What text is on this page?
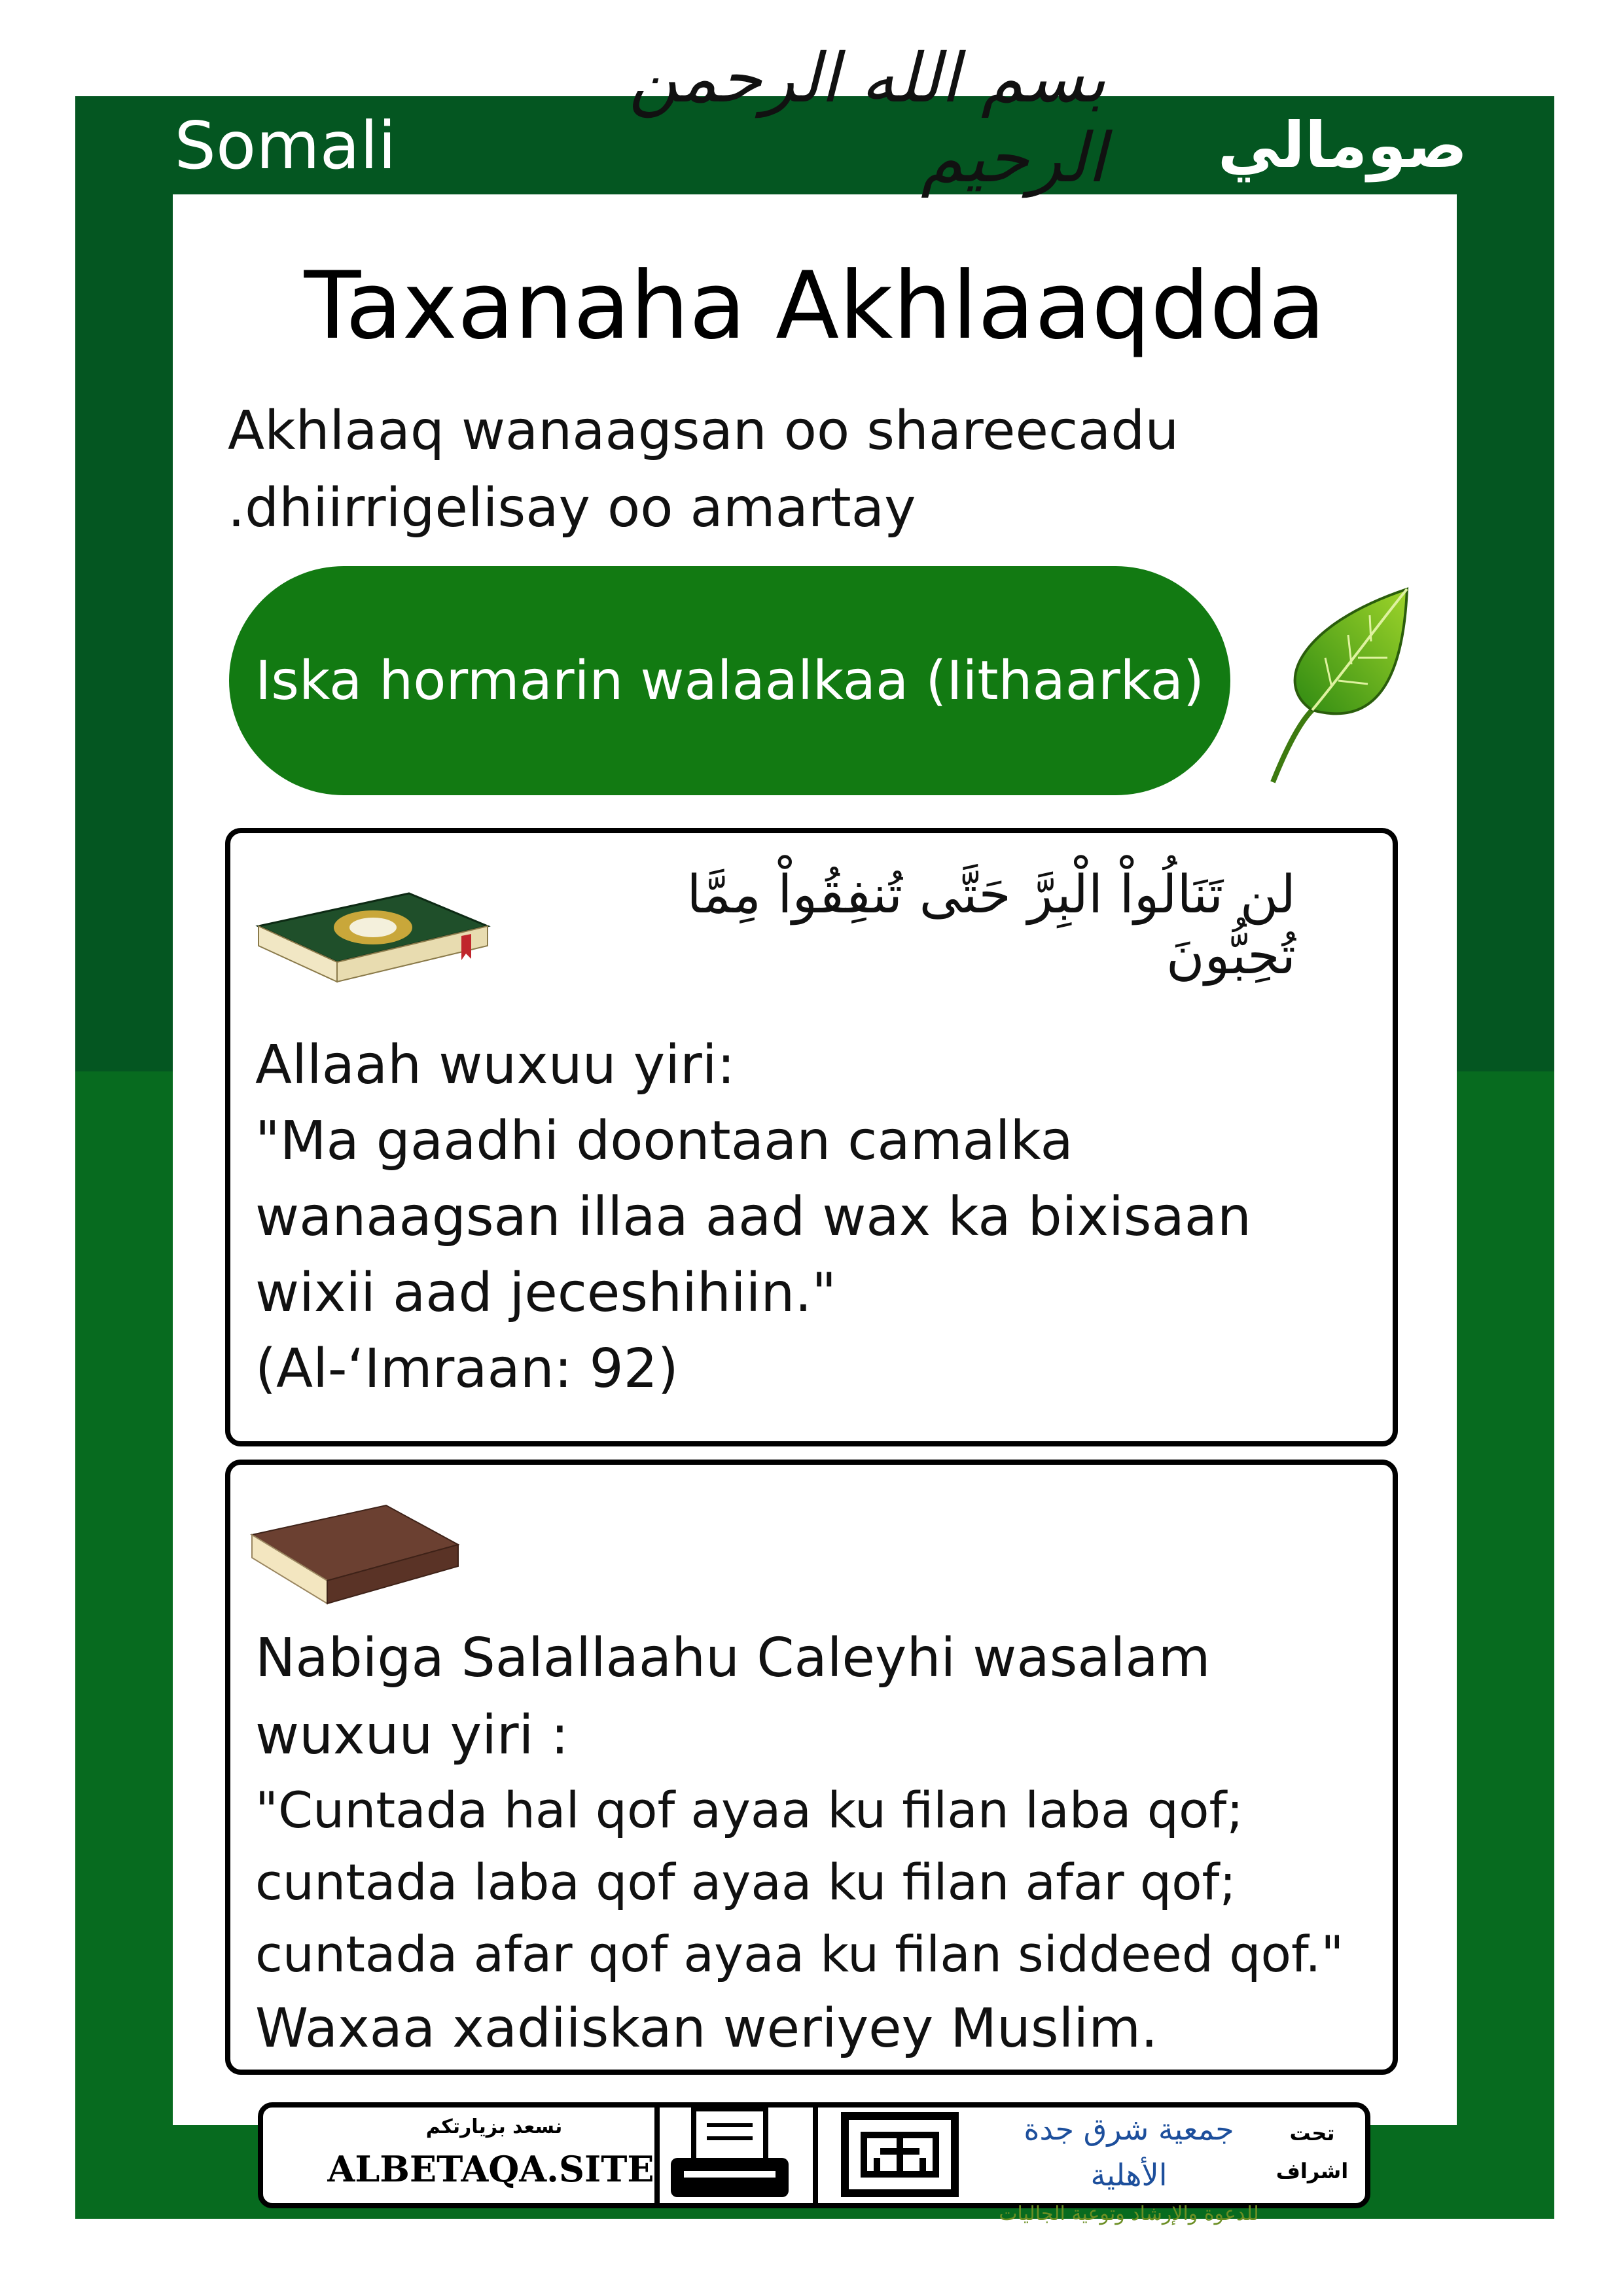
Somali	صومالي
بسم الله الرحمن الرحيم
Taxanaha Akhlaaqdda
Akhlaaq wanaagsan oo shareecadu
.dhiirrigelisay oo amartay
Iska hormarin walaalkaa (Iithaarka)
لن تَنَالُواْ الْبِرَّ حَتَّى تُنفِقُواْ مِمَّا تُحِبُّونَ
Allaah wuxuu yiri:
"Ma gaadhi doontaan camalka
wanaagsan illaa aad wax ka bixisaan
wixii aad jeceshihiin."
(Al-‘Imraan: 92)
Nabiga Salallaahu Caleyhi wasalam
wuxuu yiri :
"Cuntada hal qof ayaa ku filan laba qof;
cuntada laba qof ayaa ku filan afar qof;
cuntada afar qof ayaa ku filan siddeed qof."
Waxaa xadiiskan weriyey Muslim.
نسعد بزيارتكم
ALBETAQA.SITE
جمعية شرق جدة الأهلية
للدعوة والإرشاد وتوعية الجاليات
تحت
اشراف
